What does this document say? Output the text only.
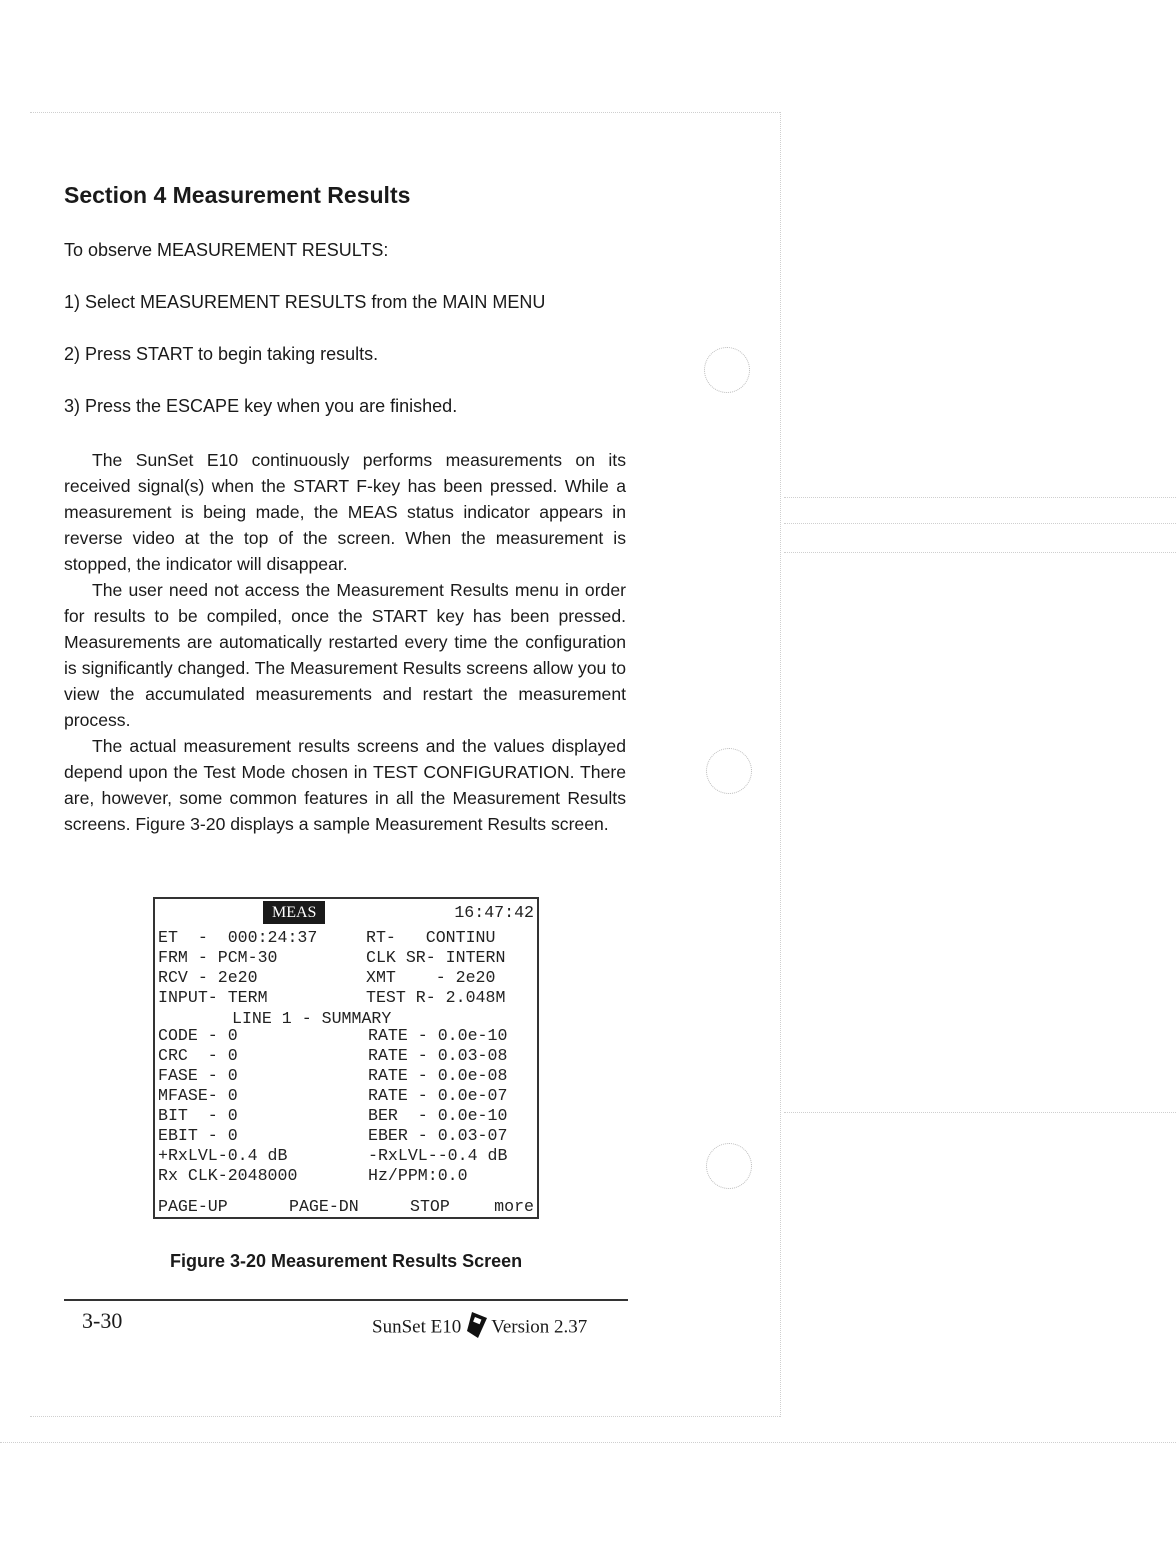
Section 4 Measurement Results

To observe MEASUREMENT RESULTS:

1) Select MEASUREMENT RESULTS from the MAIN MENU

2) Press START to begin taking results.

3) Press the ESCAPE key when you are finished.

The SunSet E10 continuously performs measurements on its received signal(s) when the START F-key has been pressed. While a measurement is being made, the MEAS status indicator appears in reverse video at the top of the screen. When the measurement is stopped, the indicator will disappear.

The user need not access the Measurement Results menu in order for results to be compiled, once the START key has been pressed. Measurements are automatically restarted every time the configuration is significantly changed. The Measurement Results screens allow you to view the accumulated measurements and restart the measurement process.

The actual measurement results screens and the values displayed depend upon the Test Mode chosen in TEST CONFIGURATION. There are, however, some common features in all the Measurement Results screens. Figure 3-20 displays a sample Measurement Results screen.

MEAS

	16:47:42

ET  -  000:24:37	RT-   CONTINU
FRM - PCM-30	CLK SR- INTERN
RCV - 2e20	XMT    - 2e20
INPUT- TERM	TEST R- 2.048M
LINE 1 - SUMMARY
CODE - 0	RATE - 0.0e-10
CRC  - 0	RATE - 0.03-08
FASE - 0	RATE - 0.0e-08
MFASE- 0	RATE - 0.0e-07
BIT  - 0	BER  - 0.0e-10
EBIT - 0	EBER - 0.03-07
+RxLVL-0.4 dB	-RxLVL--0.4 dB
Rx CLK-2048000	Hz/PPM:0.0

PAGE-UP

	PAGE-DN

	STOP

	more

Figure 3-20 Measurement Results Screen

3-30	SunSet E10 Version 2.37
